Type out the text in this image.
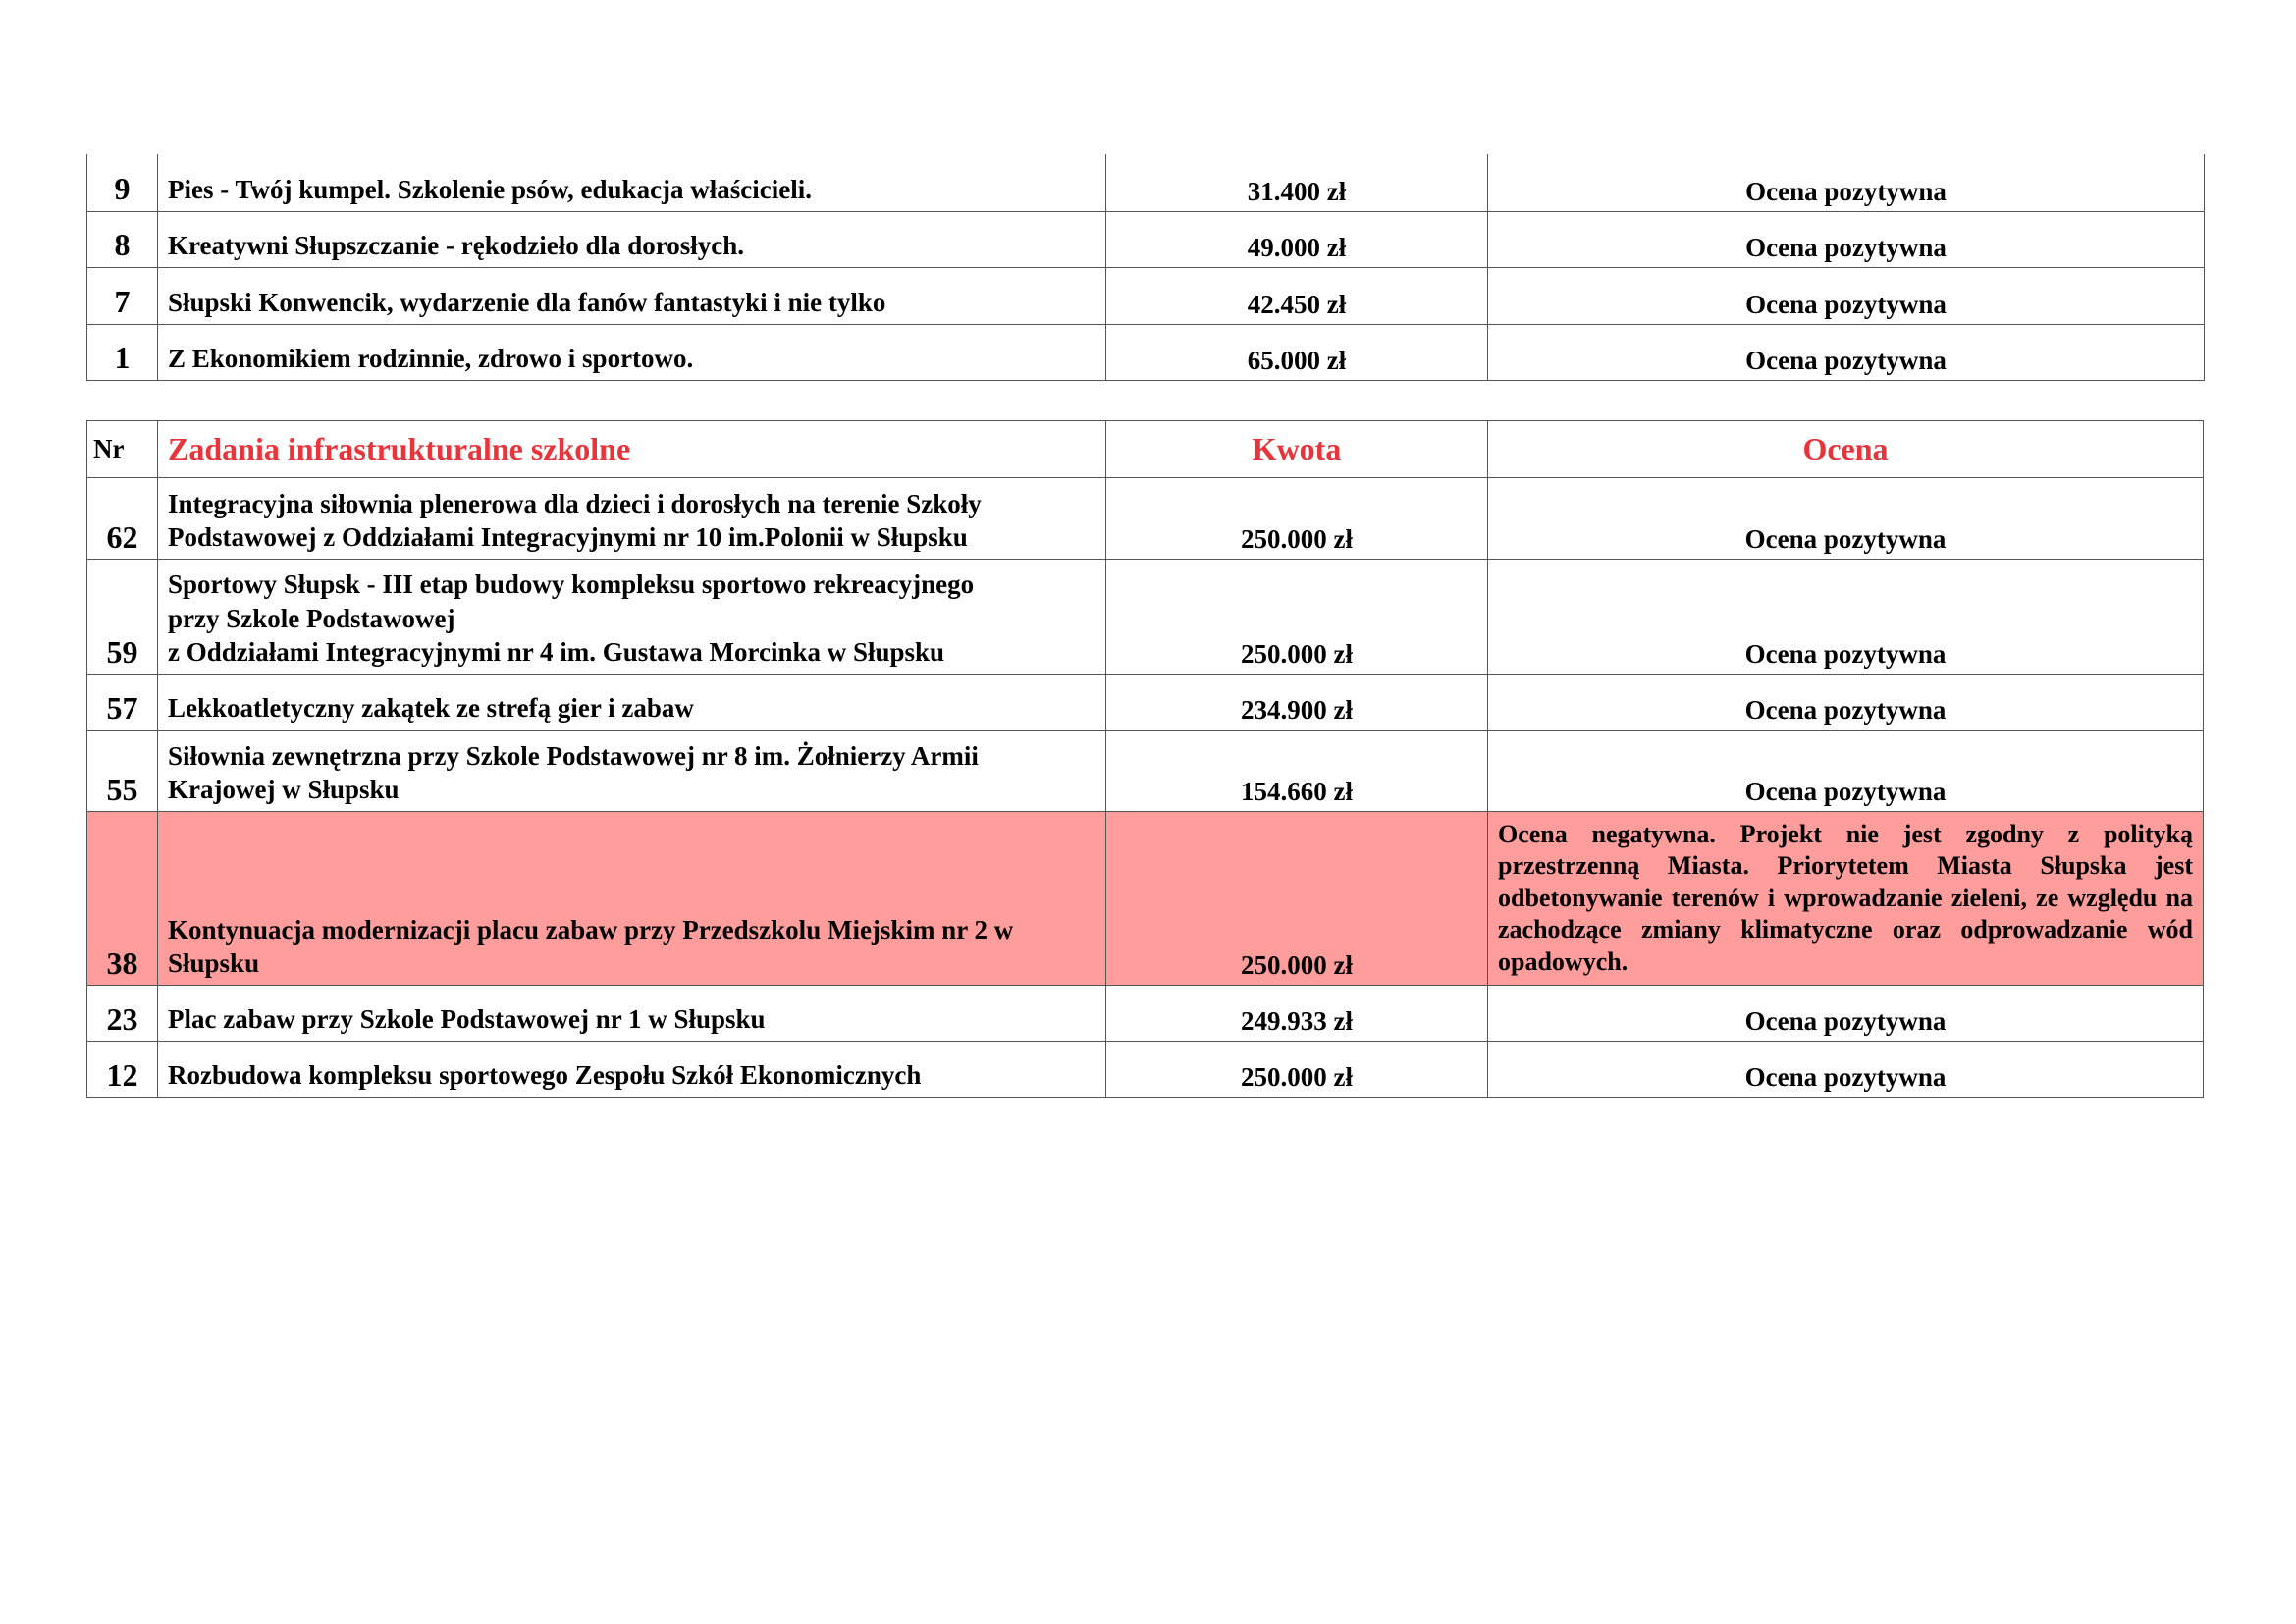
9	Pies - Twój kumpel. Szkolenie psów, edukacja właścicieli.	31.400 zł	Ocena pozytywna
8	Kreatywni Słupszczanie - rękodzieło dla dorosłych.	49.000 zł	Ocena pozytywna
7	Słupski Konwencik, wydarzenie dla fanów fantastyki i nie tylko	42.450 zł	Ocena pozytywna
1	Z Ekonomikiem rodzinnie, zdrowo i sportowo.	65.000 zł	Ocena pozytywna
Nr	Zadania infrastrukturalne szkolne	Kwota	Ocena
62	Integracyjna siłownia plenerowa dla dzieci i dorosłych na terenie Szkoły
Podstawowej z Oddziałami Integracyjnymi nr 10 im.Polonii w Słupsku	250.000 zł	Ocena pozytywna
59	Sportowy Słupsk - III etap budowy kompleksu sportowo rekreacyjnego
przy Szkole Podstawowej
z Oddziałami Integracyjnymi nr 4 im. Gustawa Morcinka w Słupsku	250.000 zł	Ocena pozytywna
57	Lekkoatletyczny zakątek ze strefą gier i zabaw	234.900 zł	Ocena pozytywna
55	Siłownia zewnętrzna przy Szkole Podstawowej nr 8 im. Żołnierzy Armii
Krajowej w Słupsku	154.660 zł	Ocena pozytywna
38	Kontynuacja modernizacji placu zabaw przy Przedszkolu Miejskim nr 2 w
Słupsku	250.000 zł	Ocena negatywna. Projekt nie jest zgodny z polityką przestrzenną Miasta. Priorytetem Miasta Słupska jest odbetonywanie terenów i wprowadzanie zieleni, ze względu na zachodzące zmiany klimatyczne oraz odprowadzanie wód opadowych.
23	Plac zabaw przy Szkole Podstawowej nr 1 w Słupsku	249.933 zł	Ocena pozytywna
12	Rozbudowa kompleksu sportowego Zespołu Szkół Ekonomicznych	250.000 zł	Ocena pozytywna
